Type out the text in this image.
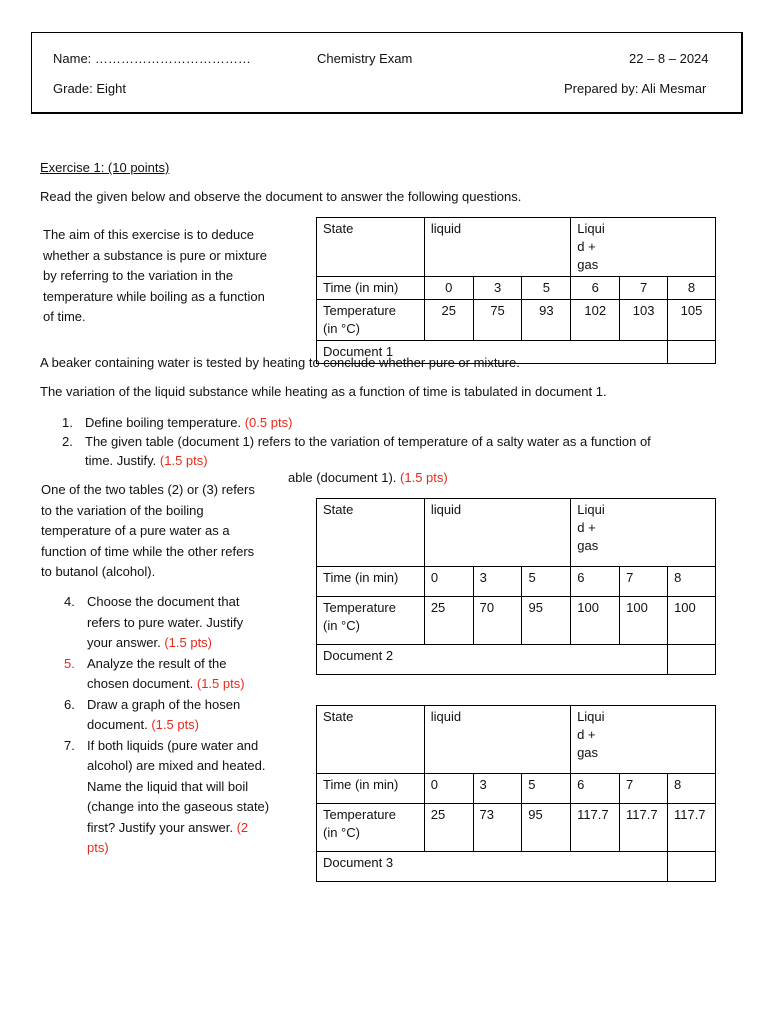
Name: ………………………………	Chemistry Exam	22 – 8 – 2024
Grade: Eight	Prepared by: Ali Mesmar
Exercise 1: (10 points)
Read the given below and observe the document to answer the following questions.
The aim of this exercise is to deduce
whether a substance is pure or mixture
by referring to the variation in the
temperature while boiling as a function
of time.
State	liquid			Liqui
d +
gas		

Time (in min)	0	3	5	6	7	8

Temperature
(in °C)	25	75	93	102	103	105
Document 1						
A beaker containing water is tested by heating to conclude whether pure or mixture.
The variation of the liquid substance while heating as a function of time is tabulated in document 1.
1. Define boiling temperature. (0.5 pts)
2. The given table (document 1) refers to the variation of temperature of a salty water as a function of
time. Justify. (1.5 pts)
able (document 1). (1.5 pts)
One of the two tables (2) or (3) refers
to the variation of the boiling
temperature of a pure water as a
function of time while the other refers
to butanol (alcohol).
4. Choose the document that
refers to pure water. Justify
your answer. (1.5 pts)
5. Analyze the result of the
chosen document. (1.5 pts)
6. Draw a graph of the hosen
document. (1.5 pts)
7. If both liquids (pure water and
alcohol) are mixed and heated.
Name the liquid that will boil
(change into the gaseous state)
first? Justify your answer. (2
pts)
State	liquid			Liqui
d +
gas		

Time (in min)	0	3	5	6	7	8

Temperature
(in °C)	25	70	95	100	100	100
Document 2						
State	liquid			Liqui
d +
gas		

Time (in min)	0	3	5	6	7	8

Temperature
(in °C)	25	73	95	117.7	117.7	117.7
Document 3						
